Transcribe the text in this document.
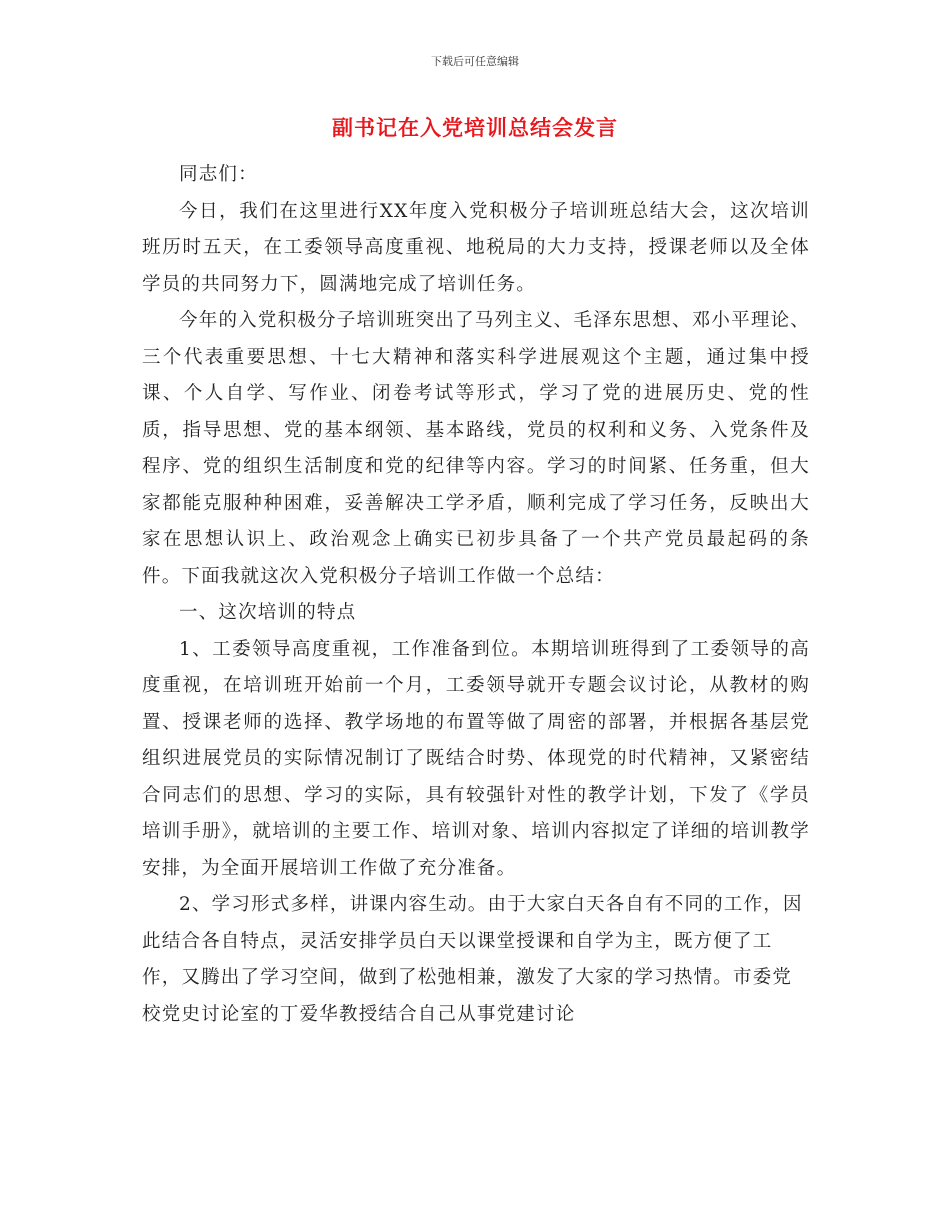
下载后可任意编辑
副书记在入党培训总结会发言

同志们：

今日，我们在这里进行XX年度入党积极分子培训班总结大会，这次培训班历时五天，在工委领导高度重视、地税局的大力支持，授课老师以及全体学员的共同努力下，圆满地完成了培训任务。

今年的入党积极分子培训班突出了马列主义、毛泽东思想、邓小平理论、三个代表重要思想、十七大精神和落实科学进展观这个主题，通过集中授课、个人自学、写作业、闭卷考试等形式，学习了党的进展历史、党的性质，指导思想、党的基本纲领、基本路线，党员的权利和义务、入党条件及程序、党的组织生活制度和党的纪律等内容。学习的时间紧、任务重，但大家都能克服种种困难，妥善解决工学矛盾，顺利完成了学习任务，反映出大家在思想认识上、政治观念上确实已初步具备了一个共产党员最起码的条件。下面我就这次入党积极分子培训工作做一个总结：

一、这次培训的特点

1、工委领导高度重视，工作准备到位。本期培训班得到了工委领导的高度重视，在培训班开始前一个月，工委领导就开专题会议讨论，从教材的购置、授课老师的选择、教学场地的布置等做了周密的部署，并根据各基层党组织进展党员的实际情况制订了既结合时势、体现党的时代精神，又紧密结合同志们的思想、学习的实际，具有较强针对性的教学计划，下发了《学员培训手册》，就培训的主要工作、培训对象、培训内容拟定了详细的培训教学安排，为全面开展培训工作做了充分准备。

2、学习形式多样，讲课内容生动。由于大家白天各自有不同的工作，因此结合各自特点，灵活安排学员白天以课堂授课和自学为主，既方便了工作，又腾出了学习空间，做到了松弛相兼，激发了大家的学习热情。市委党校党史讨论室的丁爱华教授结合自己从事党建讨论
